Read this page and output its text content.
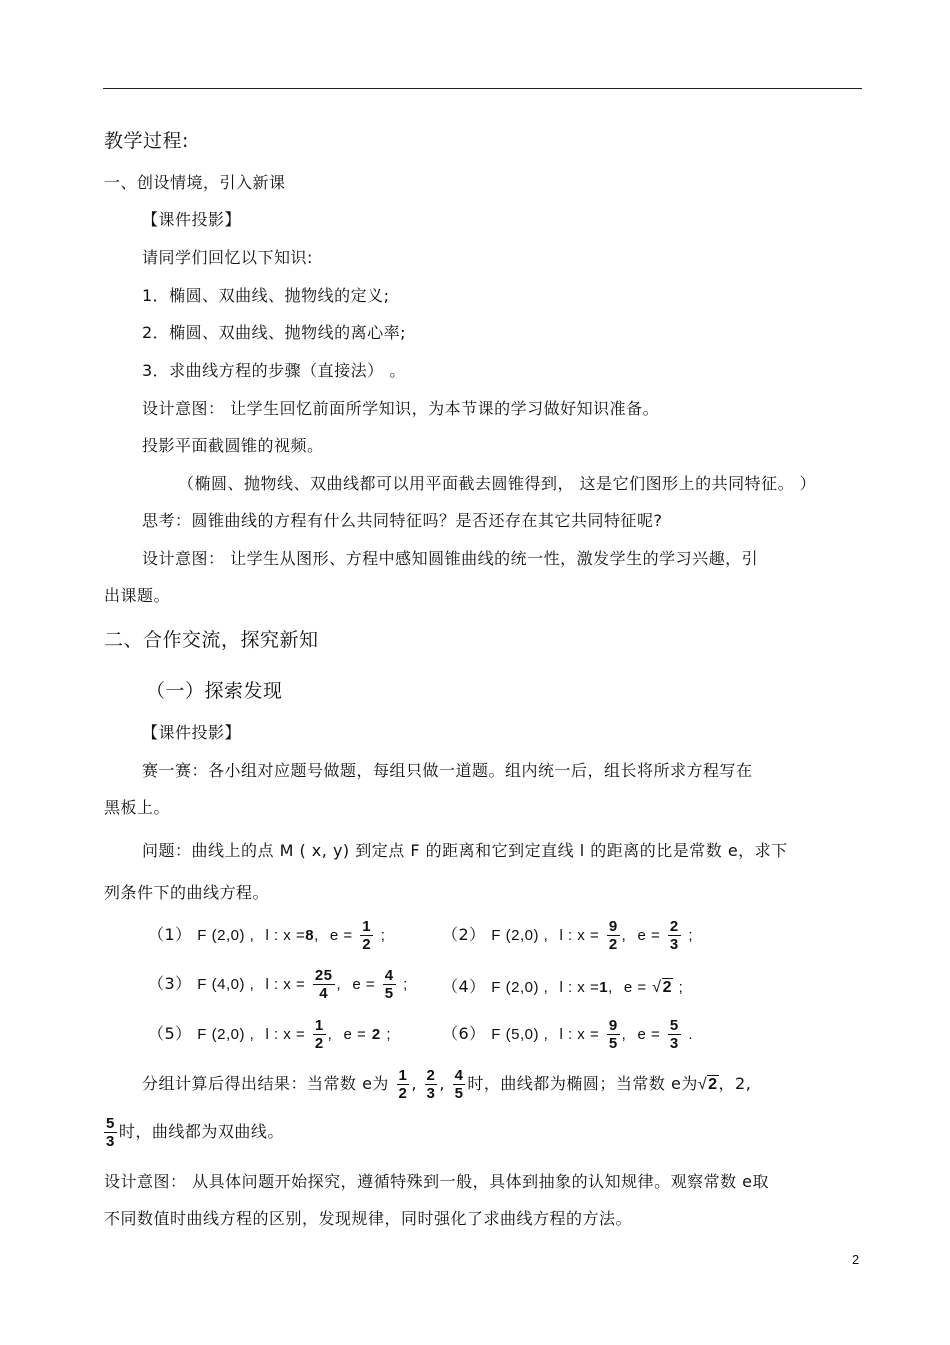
教学过程:
一、创设情境，引入新课
【课件投影】
请同学们回忆以下知识:
1．椭圆、双曲线、抛物线的定义;
2．椭圆、双曲线、抛物线的离心率;
3．求曲线方程的步骤（直接法） 。
设计意图： 让学生回忆前面所学知识，为本节课的学习做好知识准备。
投影平面截圆锥的视频。
（椭圆、抛物线、双曲线都可以用平面截去圆锥得到， 这是它们图形上的共同特征。 ）
思考：圆锥曲线的方程有什么共同特征吗？是否还存在其它共同特征呢?
设计意图： 让学生从图形、方程中感知圆锥曲线的统一性，激发学生的学习兴趣，引
出课题。
二、合作交流，探究新知
（一）探索发现
【课件投影】
赛一赛：各小组对应题号做题，每组只做一道题。组内统一后，组长将所求方程写在
黑板上。
问题：曲线上的点 M ( x, y) 到定点 F 的距离和它到定直线 l 的距离的比是常数 e，求下
列条件下的曲线方程。
（1） F (2,0) , l : x =8, $e = \frac{1}{2}$ ;	（2） F (2,0) , l : $x = \frac{9}{2}$ , $e = \frac{2}{3}$ ;
（3） F (4,0) , l : $x = \frac{25}{4}$ , $e = \frac{4}{5}$ ; （4） F (2,0) , l : x =1, e = √2 ;
（5） F (2,0) , l : $x = \frac{1}{2}$ , e = 2 ;	（6） F (5,0) , l : $x = \frac{9}{5}$ , $e = \frac{5}{3}$ .
分组计算后得出结果：当常数 e为 $\frac{1}{2}$ , $\frac{2}{3}$ , $\frac{4}{5}$ 时，曲线都为椭圆；当常数 e为√2，2,
$\frac{5}{3}$ 时，曲线都为双曲线。
设计意图： 从具体问题开始探究，遵循特殊到一般，具体到抽象的认知规律。观察常数 e取
不同数值时曲线方程的区别，发现规律，同时强化了求曲线方程的方法。
2
